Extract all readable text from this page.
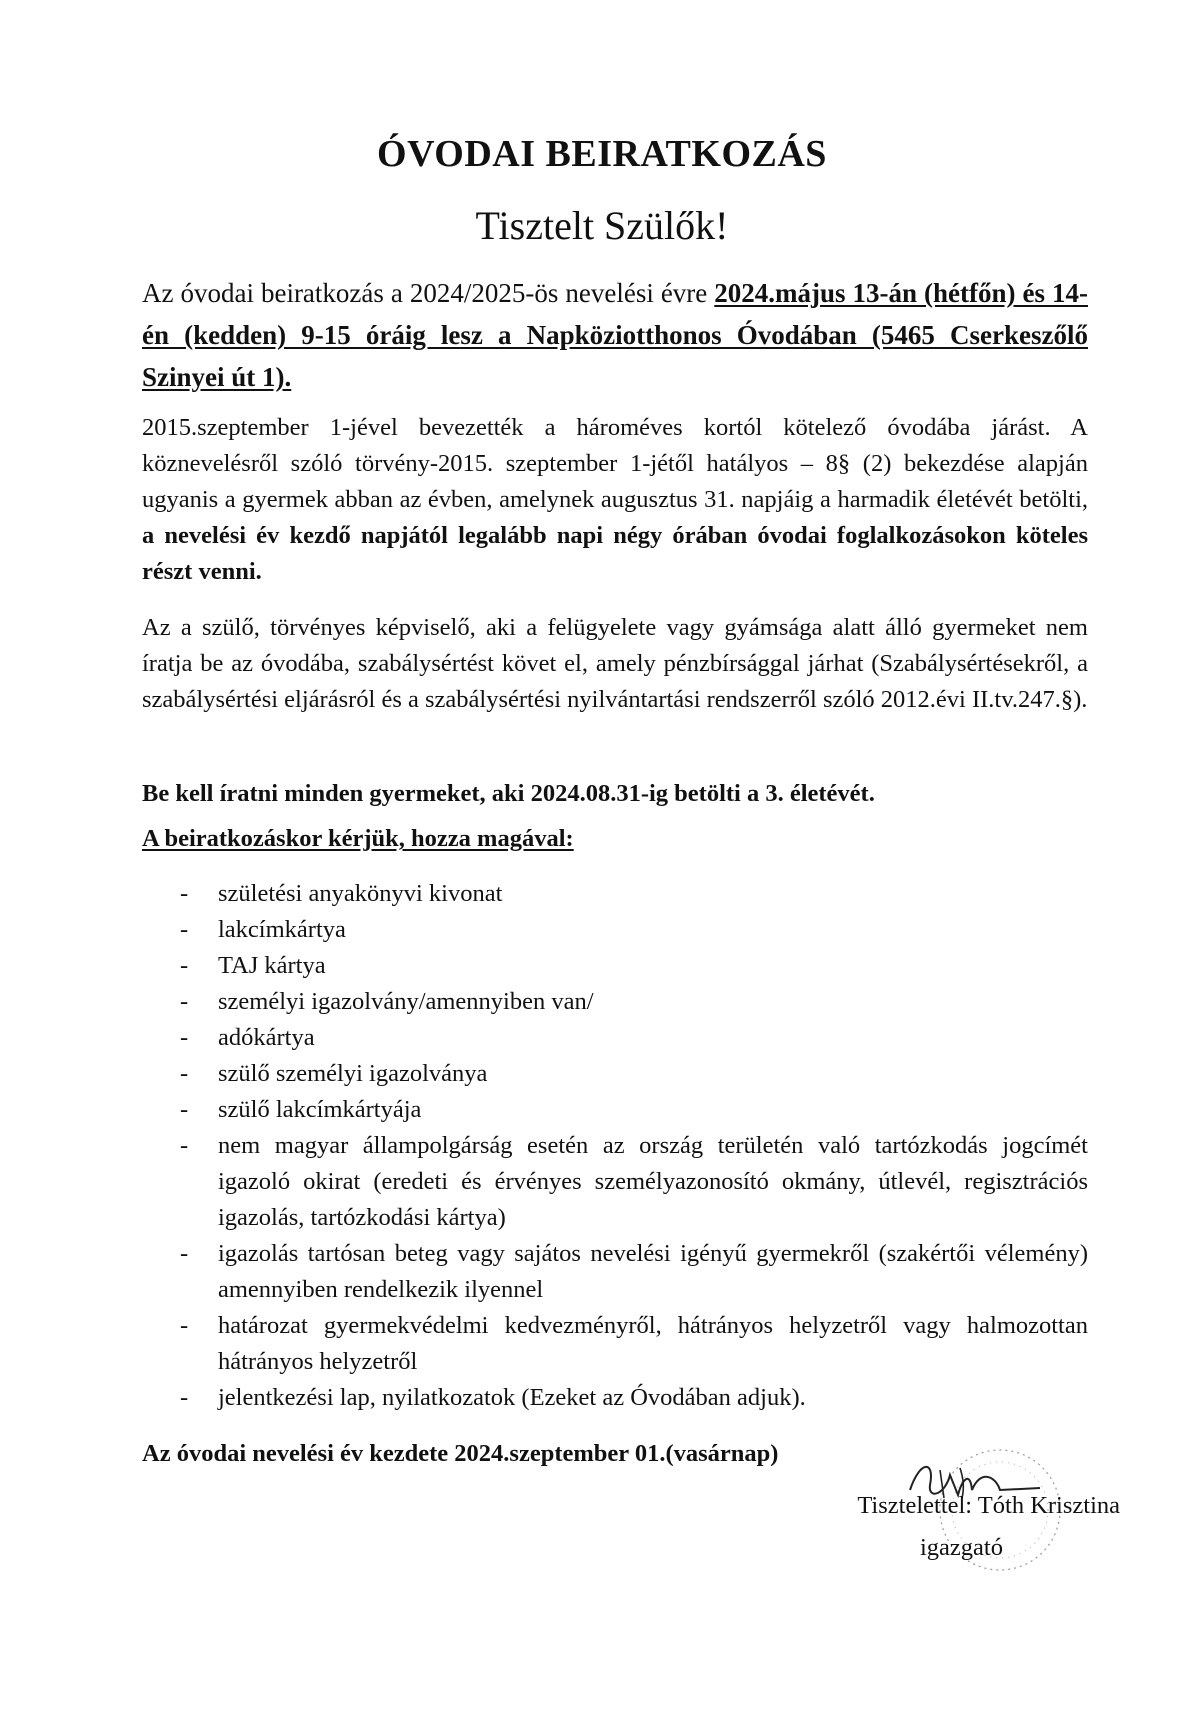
ÓVODAI BEIRATKOZÁS
Tisztelt Szülők!

Az óvodai beiratkozás a 2024/2025-ös nevelési évre 2024.május 13-án (hétfőn) és 14-én (kedden) 9-15 óráig lesz a Napköziotthonos Óvodában (5465 Cserkeszőlő Szinyei út 1).

2015.szeptember 1-jével bevezették a hároméves kortól kötelező óvodába járást. A köznevelésről szóló törvény-2015. szeptember 1-jétől hatályos – 8§ (2) bekezdése alapján ugyanis a gyermek abban az évben, amelynek augusztus 31. napjáig a harmadik életévét betölti, a nevelési év kezdő napjától legalább napi négy órában óvodai foglalkozásokon köteles részt venni.

Az a szülő, törvényes képviselő, aki a felügyelete vagy gyámsága alatt álló gyermeket nem íratja be az óvodába, szabálysértést követ el, amely pénzbírsággal járhat (Szabálysértésekről, a szabálysértési eljárásról és a szabálysértési nyilvántartási rendszerről szóló 2012.évi II.tv.247.§).

Be kell íratni minden gyermeket, aki 2024.08.31-ig betölti a 3. életévét.

A beiratkozáskor kérjük, hozza magával:

- születési anyakönyvi kivonat
- lakcímkártya
- TAJ kártya
- személyi igazolvány/amennyiben van/
- adókártya
- szülő személyi igazolványa
- szülő lakcímkártyája
- nem magyar állampolgárság esetén az ország területén való tartózkodás jogcímét igazoló okirat (eredeti és érvényes személyazonosító okmány, útlevél, regisztrációs igazolás, tartózkodási kártya)
- igazolás tartósan beteg vagy sajátos nevelési igényű gyermekről (szakértői vélemény) amennyiben rendelkezik ilyennel
- határozat gyermekvédelmi kedvezményről, hátrányos helyzetről vagy halmozottan hátrányos helyzetről
- jelentkezési lap, nyilatkozatok (Ezeket az Óvodában adjuk).

Az óvodai nevelési év kezdete 2024.szeptember 01.(vasárnap)

Tisztelettel: Tóth Krisztina
igazgató
